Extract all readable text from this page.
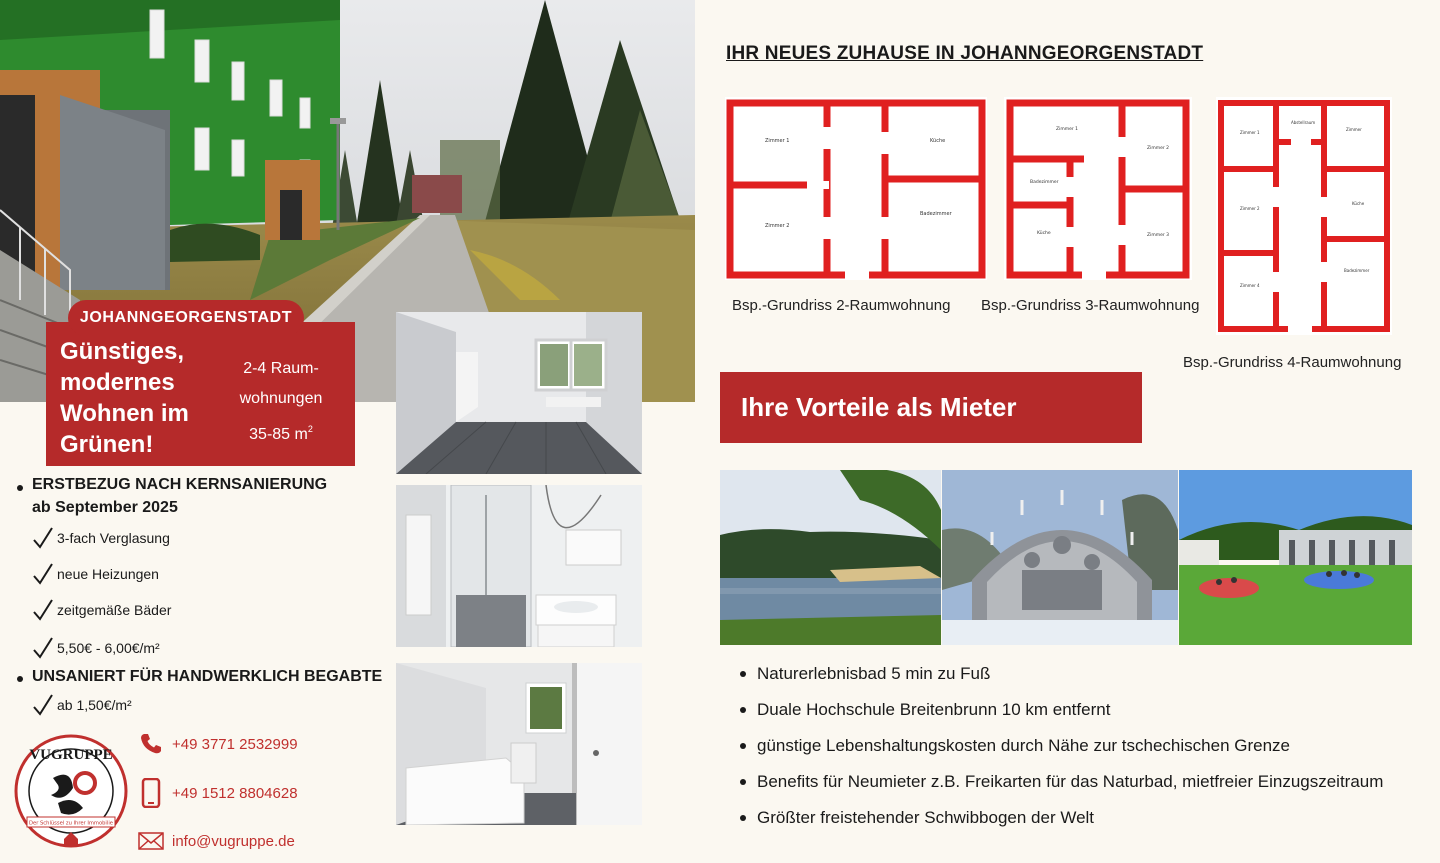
JOHANNGEORGENSTADT
Günstiges, modernes Wohnen im Grünen!
2-4 Raum-wohnungen
35-85 $m^2$
ERSTBEZUG NACH KERNSANIERUNG
ab September 2025
3-fach Verglasung
neue Heizungen
zeitgemäße Bäder
5,50€ - 6,00€/m²
UNSANIERT FÜR HANDWERKLICH BEGABTE
ab 1,50€/m²
VUGRUPPE
Der Schlüssel zu Ihrer Immobilie
+49 3771 2532999
+49 1512 8804628
info@vugruppe.de
IHR NEUES ZUHAUSE IN JOHANNGEORGENSTADT
Zimmer 1	Küche
Zimmer 2
Badezimmer
Bsp.-Grundriss 2-Raumwohnung
Zimmer 1
Zimmer 2
Badezimmer
Küche	Zimmer 3
Bsp.-Grundriss 3-Raumwohnung
Zimmer 1
Abstellraum
Zimmer
Zimmer 2
Küche
Badezimmer
Zimmer 4
Bsp.-Grundriss 4-Raumwohnung
Ihre Vorteile als Mieter
Naturerlebnisbad 5 min zu Fuß
Duale Hochschule Breitenbrunn 10 km entfernt
günstige Lebenshaltungskosten durch Nähe zur tschechischen Grenze
Benefits für Neumieter z.B. Freikarten für das Naturbad, mietfreier Einzugszeitraum
Größter freistehender Schwibbogen der Welt
